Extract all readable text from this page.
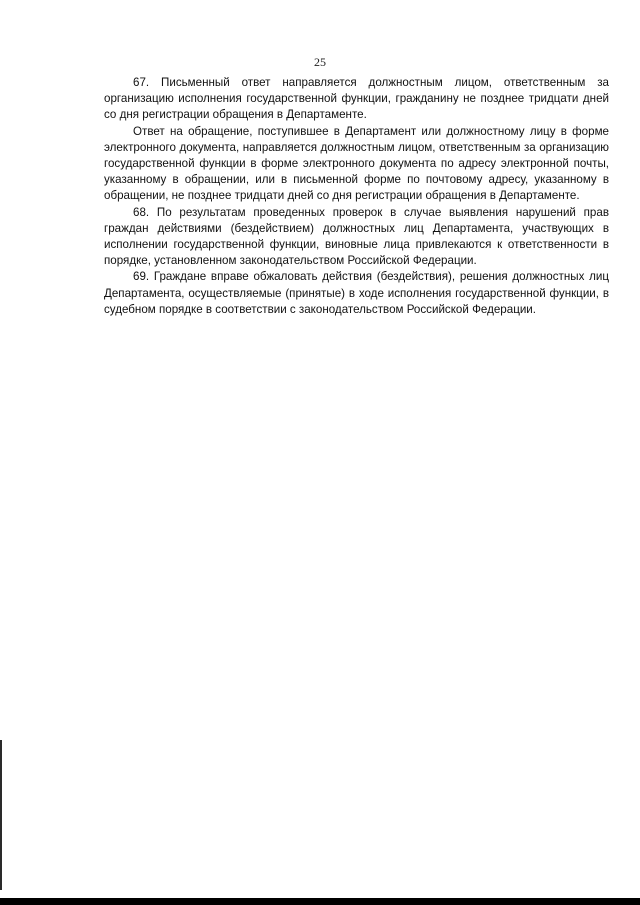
25

67. Письменный ответ направляется должностным лицом, ответственным за организацию исполнения государственной функции, гражданину не позднее тридцати дней со дня регистрации обращения в Департаменте.

Ответ на обращение, поступившее в Департамент или должностному лицу в форме электронного документа, направляется должностным лицом, ответственным за организацию государственной функции в форме электронного документа по адресу электронной почты, указанному в обращении, или в письменной форме по почтовому адресу, указанному в обращении, не позднее тридцати дней со дня регистрации обращения в Департаменте.

68. По результатам проведенных проверок в случае выявления нарушений прав граждан действиями (бездействием) должностных лиц Департамента, участвующих в исполнении государственной функции, виновные лица привлекаются к ответственности в порядке, установленном законодательством Российской Федерации.

69. Граждане вправе обжаловать действия (бездействия), решения должностных лиц Департамента, осуществляемые (принятые) в ходе исполнения государственной функции, в судебном порядке в соответствии с законодательством Российской Федерации.
